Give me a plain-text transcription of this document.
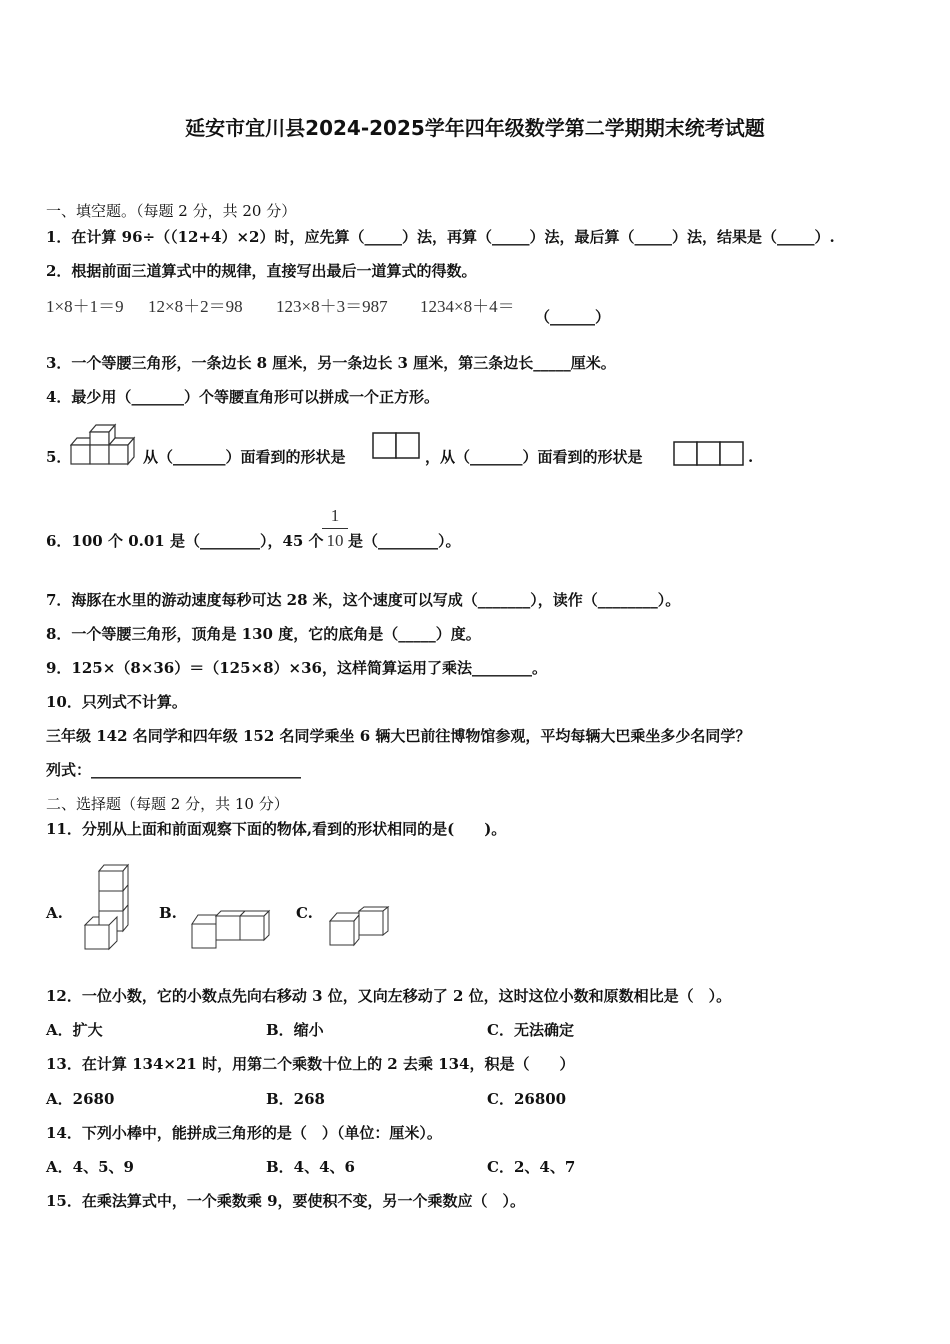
延安市宜川县2024-2025学年四年级数学第二学期期末统考试题
一、填空题。（每题 2 分，共 20 分）
1．在计算 96÷（（12+4）×2）时，应先算（_____）法，再算（_____）法，最后算（_____）法，结果是（_____）.
2．根据前面三道算式中的规律，直接写出最后一道算式的得数。
1×8＋1＝9 12×8＋2＝98 123×8＋3＝987 1234×8＋4＝
（______）
3．一个等腰三角形，一条边长 8 厘米，另一条边长 3 厘米，第三条边长_____厘米。
4．最少用（_______）个等腰直角形可以拼成一个正方形。
5．	从（_______）面看到的形状是	，从（_______）面看到的形状是	.
6．100 个 0.01 是（________），45 个
1
10 是（________）。
7．海豚在水里的游动速度每秒可达 28 米，这个速度可以写成（_______），读作（________）。
8．一个等腰三角形，顶角是 130 度，它的底角是（_____）度。
9．125×（8×36）＝（125×8）×36，这样简算运用了乘法________。
10．只列式不计算。
三年级 142 名同学和四年级 152 名同学乘坐 6 辆大巴前往博物馆参观，平均每辆大巴乘坐多少名同学？
列式：____________________________
二、选择题（每题 2 分，共 10 分）
11．分别从上面和前面观察下面的物体,看到的形状相同的是(　　)。
A.	B.	C.
12．一位小数，它的小数点先向右移动 3 位，又向左移动了 2 位，这时这位小数和原数相比是（　）。
A．扩大	B．缩小	C．无法确定
13．在计算 134×21 时，用第二个乘数十位上的 2 去乘 134，积是（　　）
A．2680	B．268	C．26800
14．下列小棒中，能拼成三角形的是（　）（单位：厘米）。
A．4、5、9	B．4、4、6	C．2、4、7
15．在乘法算式中，一个乘数乘 9，要使积不变，另一个乘数应（　）。
